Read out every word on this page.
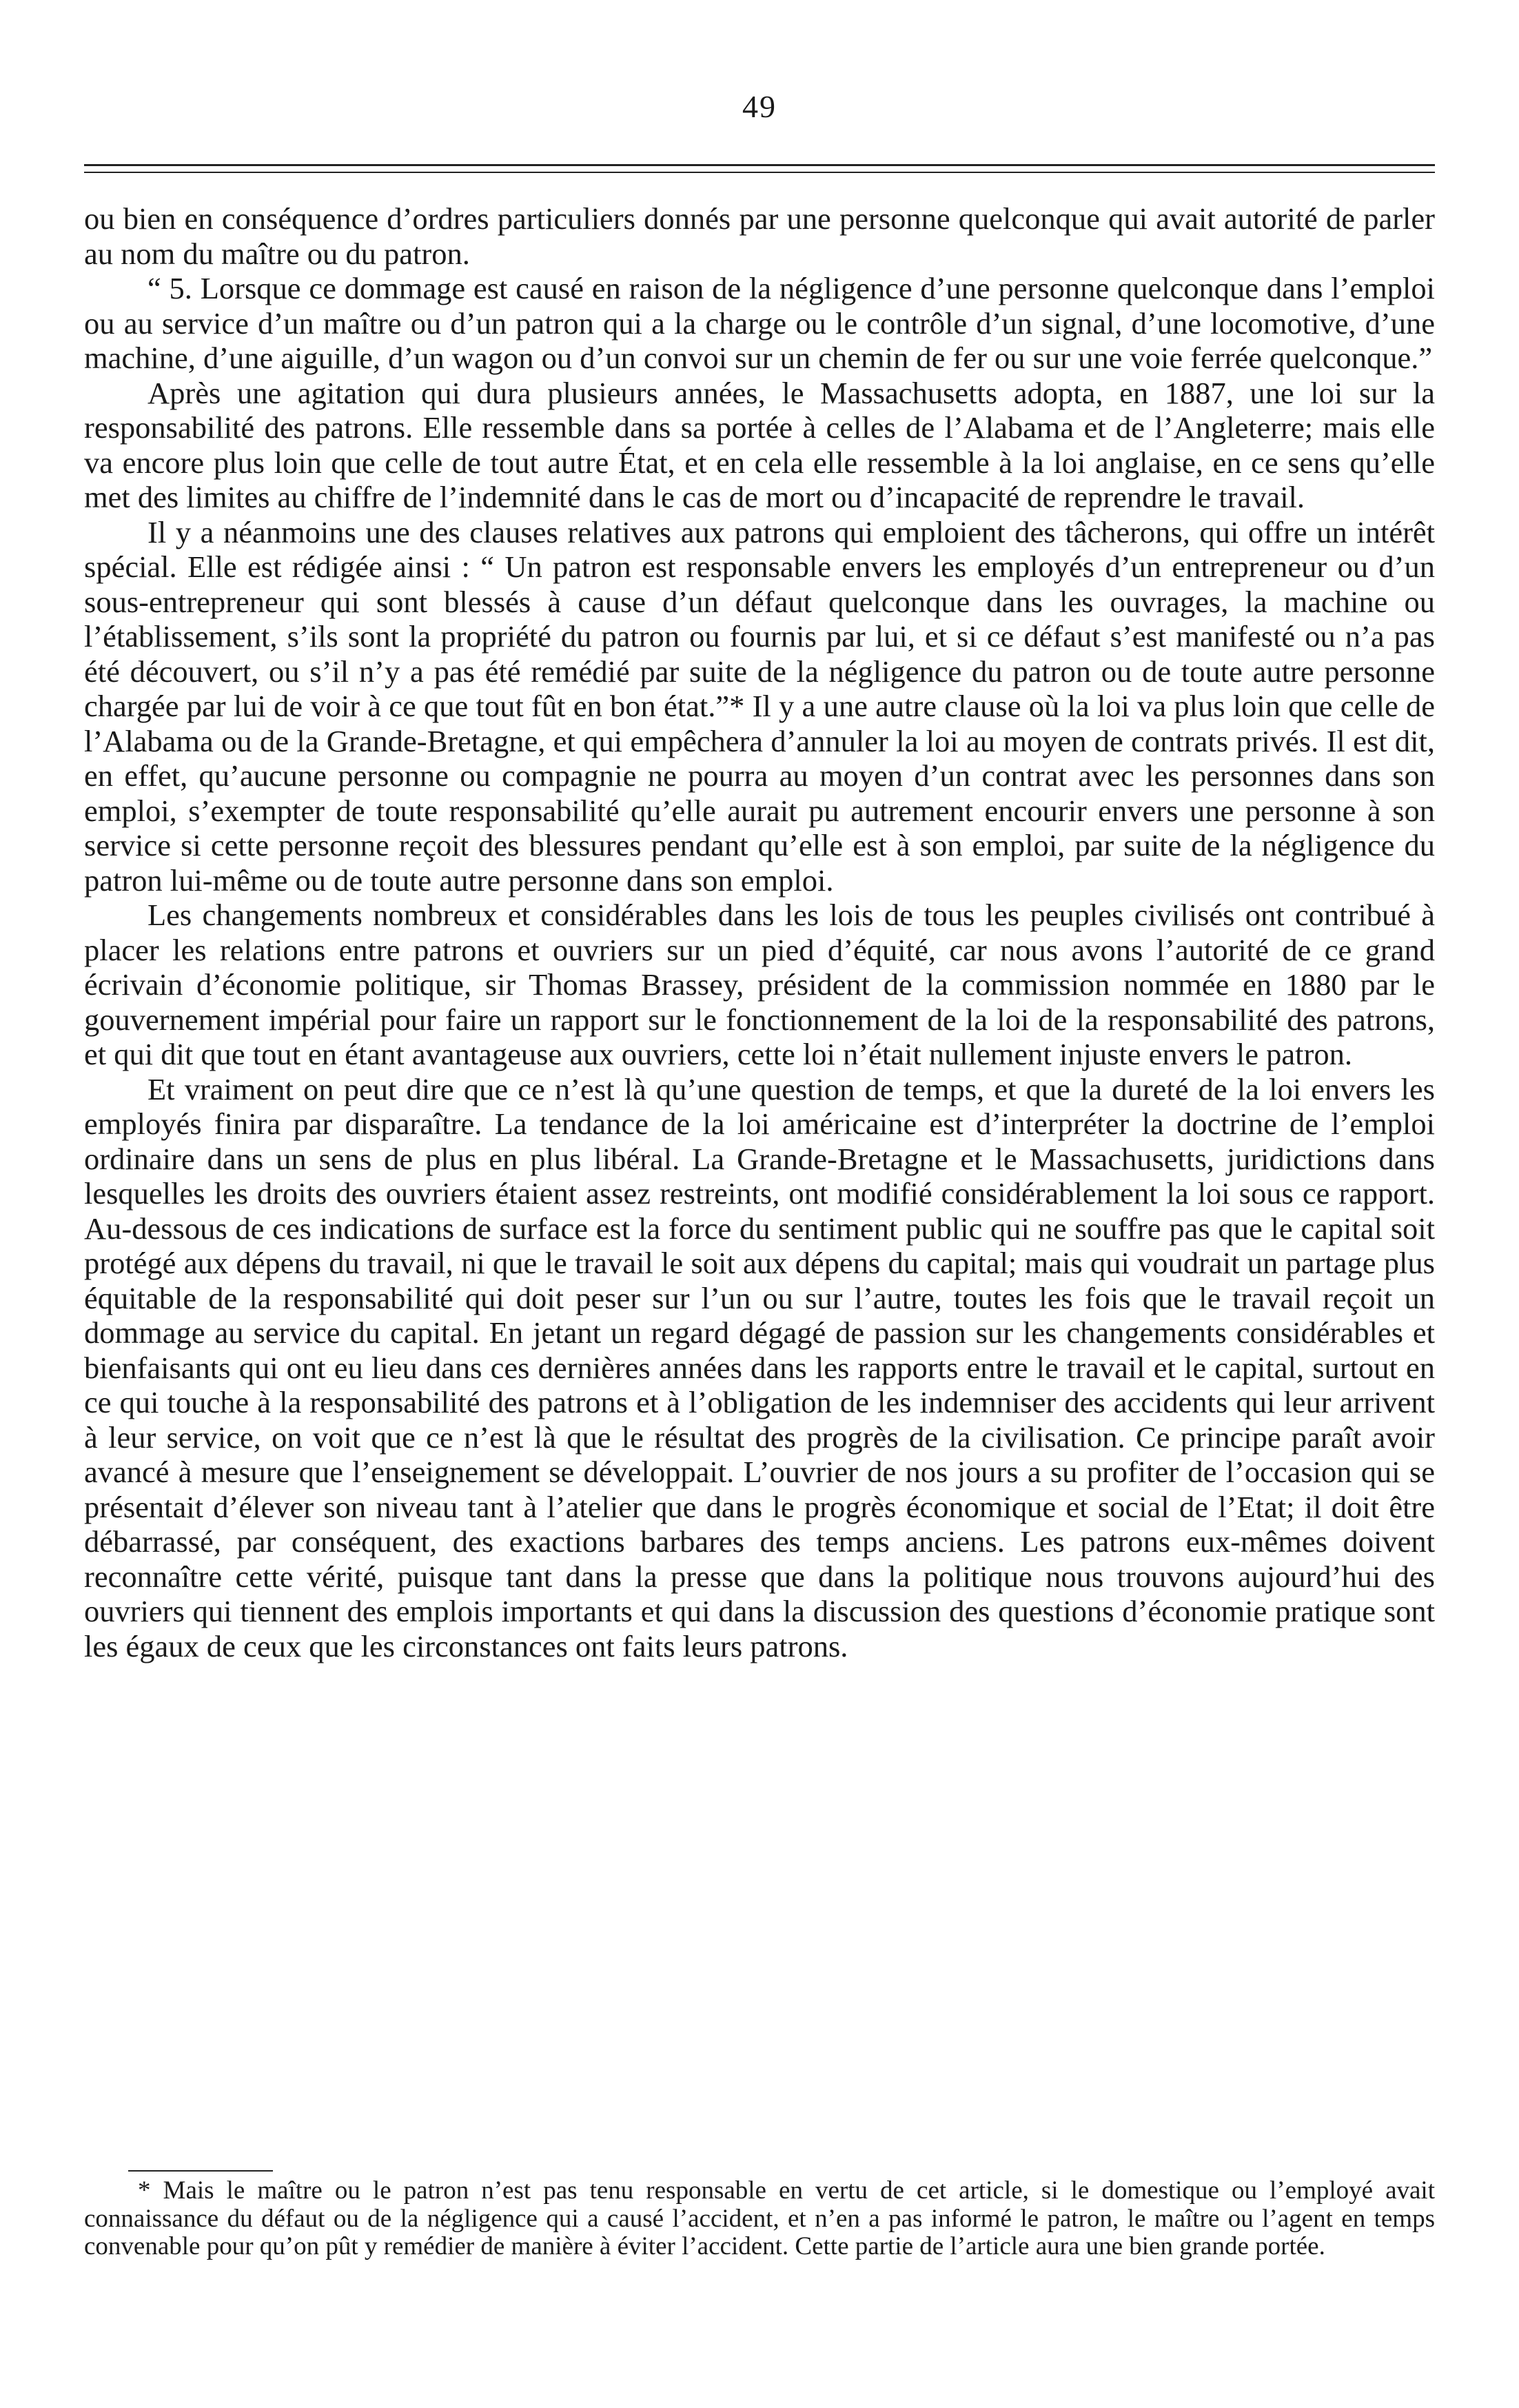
49

ou bien en conséquence d’ordres particuliers donnés par une personne quelconque qui avait autorité de parler au nom du maître ou du patron.

“ 5. Lorsque ce dommage est causé en raison de la négligence d’une personne quelconque dans l’emploi ou au service d’un maître ou d’un patron qui a la charge ou le contrôle d’un signal, d’une locomotive, d’une machine, d’une aiguille, d’un wagon ou d’un convoi sur un chemin de fer ou sur une voie ferrée quelconque.”

Après une agitation qui dura plusieurs années, le Massachusetts adopta, en 1887, une loi sur la responsabilité des patrons. Elle ressemble dans sa portée à celles de l’Alabama et de l’Angleterre; mais elle va encore plus loin que celle de tout autre État, et en cela elle ressemble à la loi anglaise, en ce sens qu’elle met des limites au chiffre de l’indemnité dans le cas de mort ou d’incapacité de reprendre le travail.

Il y a néanmoins une des clauses relatives aux patrons qui emploient des tâcherons, qui offre un intérêt spécial. Elle est rédigée ainsi : “ Un patron est responsable envers les employés d’un entrepreneur ou d’un sous-entrepreneur qui sont blessés à cause d’un défaut quelconque dans les ouvrages, la machine ou l’établissement, s’ils sont la propriété du patron ou fournis par lui, et si ce défaut s’est manifesté ou n’a pas été découvert, ou s’il n’y a pas été remédié par suite de la négligence du patron ou de toute autre personne chargée par lui de voir à ce que tout fût en bon état.”* Il y a une autre clause où la loi va plus loin que celle de l’Alabama ou de la Grande-Bretagne, et qui empêchera d’annuler la loi au moyen de contrats privés. Il est dit, en effet, qu’aucune personne ou compagnie ne pourra au moyen d’un contrat avec les personnes dans son emploi, s’exempter de toute responsabilité qu’elle aurait pu autrement encourir envers une personne à son service si cette personne reçoit des blessures pendant qu’elle est à son emploi, par suite de la négligence du patron lui-même ou de toute autre personne dans son emploi.

Les changements nombreux et considérables dans les lois de tous les peuples civilisés ont contribué à placer les relations entre patrons et ouvriers sur un pied d’équité, car nous avons l’autorité de ce grand écrivain d’économie politique, sir Thomas Brassey, président de la commission nommée en 1880 par le gouvernement impérial pour faire un rapport sur le fonctionnement de la loi de la responsabilité des patrons, et qui dit que tout en étant avantageuse aux ouvriers, cette loi n’était nullement injuste envers le patron.

Et vraiment on peut dire que ce n’est là qu’une question de temps, et que la dureté de la loi envers les employés finira par disparaître. La tendance de la loi américaine est d’interpréter la doctrine de l’emploi ordinaire dans un sens de plus en plus libéral. La Grande-Bretagne et le Massachusetts, juridictions dans lesquelles les droits des ouvriers étaient assez restreints, ont modifié considérablement la loi sous ce rapport. Au-dessous de ces indications de surface est la force du sentiment public qui ne souffre pas que le capital soit protégé aux dépens du travail, ni que le travail le soit aux dépens du capital; mais qui voudrait un partage plus équitable de la responsabilité qui doit peser sur l’un ou sur l’autre, toutes les fois que le travail reçoit un dommage au service du capital. En jetant un regard dégagé de passion sur les changements considérables et bienfaisants qui ont eu lieu dans ces dernières années dans les rapports entre le travail et le capital, surtout en ce qui touche à la responsabilité des patrons et à l’obligation de les indemniser des accidents qui leur arrivent à leur service, on voit que ce n’est là que le résultat des progrès de la civilisation. Ce principe paraît avoir avancé à mesure que l’enseignement se développait. L’ouvrier de nos jours a su profiter de l’occasion qui se présentait d’élever son niveau tant à l’atelier que dans le progrès économique et social de l’Etat; il doit être débarrassé, par conséquent, des exactions barbares des temps anciens. Les patrons eux-mêmes doivent reconnaître cette vérité, puisque tant dans la presse que dans la politique nous trouvons aujourd’hui des ouvriers qui tiennent des emplois importants et qui dans la discussion des questions d’économie pratique sont les égaux de ceux que les circonstances ont faits leurs patrons.

* Mais le maître ou le patron n’est pas tenu responsable en vertu de cet article, si le domestique ou l’employé avait connaissance du défaut ou de la négligence qui a causé l’accident, et n’en a pas informé le patron, le maître ou l’agent en temps convenable pour qu’on pût y remédier de manière à éviter l’accident. Cette partie de l’article aura une bien grande portée.
